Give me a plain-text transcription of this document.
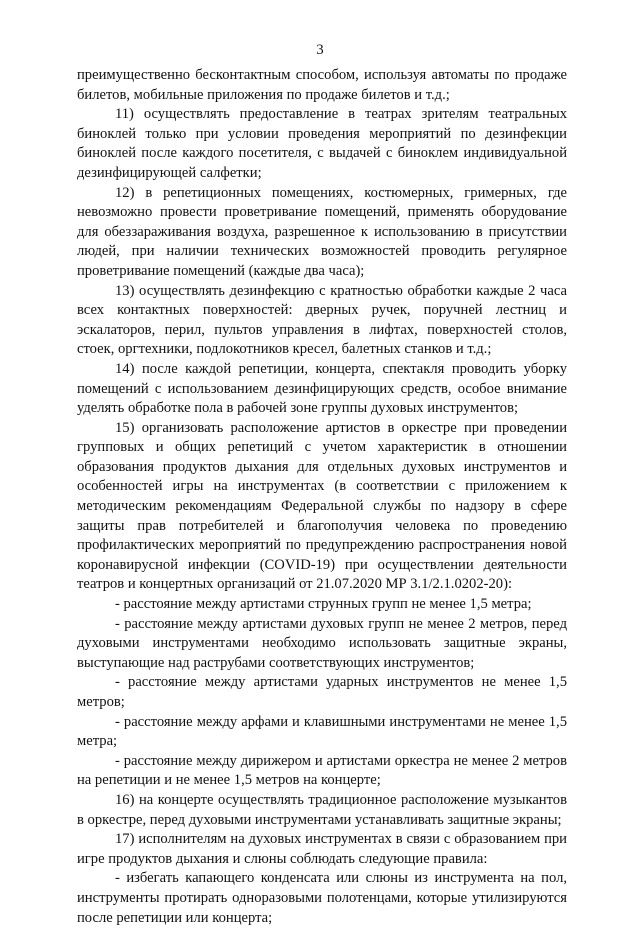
3

преимущественно бесконтактным способом, используя автоматы по продаже билетов, мобильные приложения по продаже билетов и т.д.;

11) осуществлять предоставление в театрах зрителям театральных биноклей только при условии проведения мероприятий по дезинфекции биноклей после каждого посетителя, с выдачей с биноклем индивидуальной дезинфицирующей салфетки;

12) в репетиционных помещениях, костюмерных, гримерных, где невозможно провести проветривание помещений, применять оборудование для обеззараживания воздуха, разрешенное к использованию в присутствии людей, при наличии технических возможностей проводить регулярное проветривание помещений (каждые два часа);

13) осуществлять дезинфекцию с кратностью обработки каждые 2 часа всех контактных поверхностей: дверных ручек, поручней лестниц и эскалаторов, перил, пультов управления в лифтах, поверхностей столов, стоек, оргтехники, подлокотников кресел, балетных станков и т.д.;

14) после каждой репетиции, концерта, спектакля проводить уборку помещений с использованием дезинфицирующих средств, особое внимание уделять обработке пола в рабочей зоне группы духовых инструментов;

15) организовать расположение артистов в оркестре при проведении групповых и общих репетиций с учетом характеристик в отношении образования продуктов дыхания для отдельных духовых инструментов и особенностей игры на инструментах (в соответствии с приложением к методическим рекомендациям Федеральной службы по надзору в сфере защиты прав потребителей и благополучия человека по проведению профилактических мероприятий по предупреждению распространения новой коронавирусной инфекции (COVID-19) при осуществлении деятельности театров и концертных организаций от 21.07.2020 МР 3.1/2.1.0202-20):

- расстояние между артистами струнных групп не менее 1,5 метра;

- расстояние между артистами духовых групп не менее 2 метров, перед духовыми инструментами необходимо использовать защитные экраны, выступающие над раструбами соответствующих инструментов;

- расстояние между артистами ударных инструментов не менее 1,5 метров;

- расстояние между арфами и клавишными инструментами не менее 1,5 метра;

- расстояние между дирижером и артистами оркестра не менее 2 метров на репетиции и не менее 1,5 метров на концерте;

16) на концерте осуществлять традиционное расположение музыкантов в оркестре, перед духовыми инструментами устанавливать защитные экраны;

17) исполнителям на духовых инструментах в связи с образованием при игре продуктов дыхания и слюны соблюдать следующие правила:

- избегать капающего конденсата или слюны из инструмента на пол, инструменты протирать одноразовыми полотенцами, которые утилизируются после репетиции или концерта;
